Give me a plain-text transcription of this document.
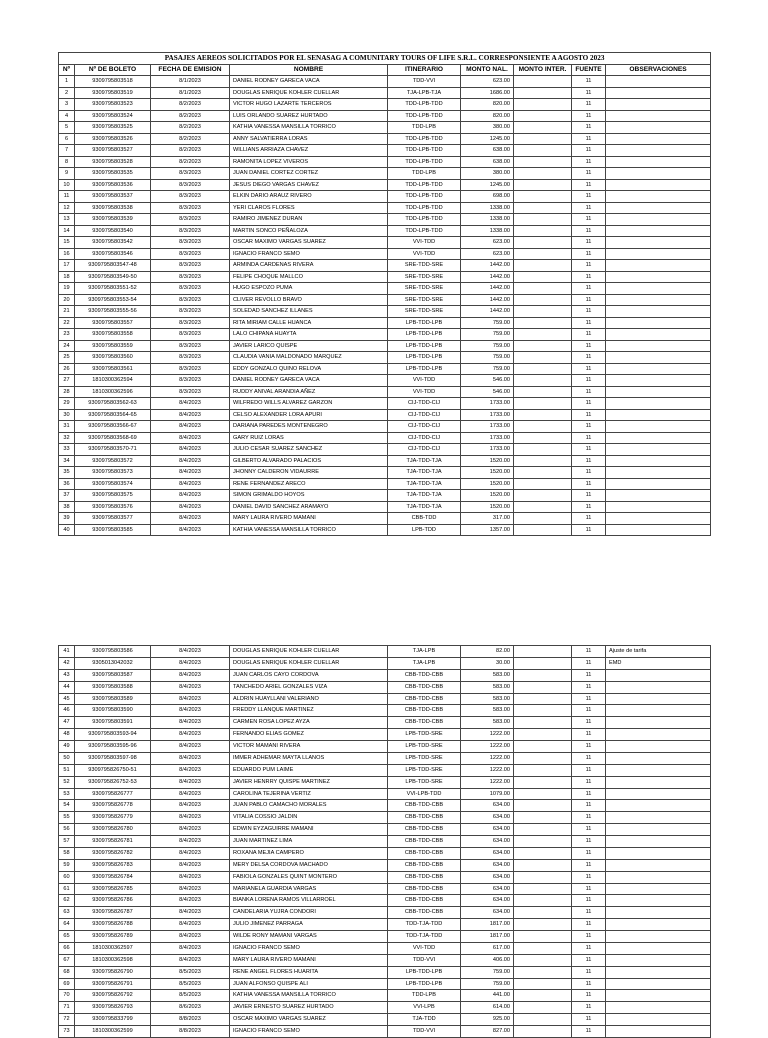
PASAJES AEREOS SOLICITADOS POR EL SENASAG A COMUNITARY TOURS OF LIFE S.R.L. CORRESPONSIENTE A AGOSTO 2023								
Nº	Nº DE BOLETO	FECHA DE EMISION	NOMBRE	ITINERARIO	MONTO NAL.	MONTO INTER.	FUENTE	OBSERVACIONES
1	9309795803518	8/1/2023	DANIEL RODNEY GARECA VACA	TDD-VVI	623.00		11	
2	9309795803519	8/1/2023	DOUGLAS ENRIQUE KOHLER CUELLAR	TJA-LPB-TJA	1686.00		11	
3	9309795803523	8/2/2023	VICTOR HUGO LAZARTE TERCEROS	TDD-LPB-TDD	820.00		11	
4	9309795803524	8/2/2023	LUIS ORLANDO SUAREZ HURTADO	TDD-LPB-TDD	820.00		11	
5	9309795803525	8/2/2023	KATHIA VANESSA MANSILLA TORRICO	TDD-LPB	380.00		11	
6	9309795803526	8/2/2023	ANNY SALVATIERRA LORAS	TDD-LPB-TDD	1245.00		11	
7	9309795803527	8/2/2023	WILLIANS ARRIAZA CHAVEZ	TDD-LPB-TDD	638.00		11	
8	9309795803528	8/2/2023	RAMONITA LOPEZ VIVEROS	TDD-LPB-TDD	638.00		11	
9	9309795803535	8/3/2023	JUAN DANIEL CORTEZ CORTEZ	TDD-LPB	380.00		11	
10	9309795803536	8/3/2023	JESUS DIEGO VARGAS CHAVEZ	TDD-LPB-TDD	1245.00		11	
11	9309795803537	8/3/2023	ELKIN DARIO ARAUZ RIVERO	TDD-LPB-TDD	698.00		11	
12	9309795803538	8/3/2023	YERI CLAROS FLORES	TDD-LPB-TDD	1338.00		11	
13	9309795803539	8/3/2023	RAMIRO JIMENEZ DURAN	TDD-LPB-TDD	1338.00		11	
14	9309795803540	8/3/2023	MARTIN SONCO PEÑALOZA	TDD-LPB-TDD	1338.00		11	
15	9309795803542	8/3/2023	OSCAR MAXIMO VARGAS SUAREZ	VVI-TDD	623.00		11	
16	9309795803546	8/3/2023	IGNACIO FRANCO SEMO	VVI-TDD	623.00		11	
17	9309795803547-48	8/3/2023	ARMINDA CARDENAS RIVERA	SRE-TDD-SRE	1442.00		11	
18	9309795803549-50	8/3/2023	FELIPE CHOQUE MALLCO	SRE-TDD-SRE	1442.00		11	
19	9309795803551-52	8/3/2023	HUGO ESPOZO PUMA	SRE-TDD-SRE	1442.00		11	
20	9309795803553-54	8/3/2023	CLIVER REVOLLO BRAVO	SRE-TDD-SRE	1442.00		11	
21	9309795803555-56	8/3/2023	SOLEDAD SANCHEZ ILLANES	SRE-TDD-SRE	1442.00		11	
22	9309795803557	8/3/2023	RITA MIRIAM CALLE HUANCA	LPB-TDD-LPB	759.00		11	
23	9309795803558	8/3/2023	LALO CHIPANA HUAYTA	LPB-TDD-LPB	759.00		11	
24	9309795803559	8/3/2023	JAVIER LARICO QUISPE	LPB-TDD-LPB	759.00		11	
25	9309795803560	8/3/2023	CLAUDIA VANIA MALDONADO MARQUEZ	LPB-TDD-LPB	759.00		11	
26	9309795803561	8/3/2023	EDDY GONZALO QUINO RELOVA	LPB-TDD-LPB	759.00		11	
27	1810300362594	8/3/2023	DANIEL RODNEY GARECA VACA	VVI-TDD	546.00		11	
28	1810300362596	8/3/2023	RUDDY ANIVAL ARANDIA AÑEZ	VVI-TDD	546.00		11	
29	9309795803562-63	8/4/2023	WILFREDO WILLS ALVAREZ GARZON	CIJ-TDD-CIJ	1733.00		11	
30	9309795803564-65	8/4/2023	CELSO ALEXANDER LORA APURI	CIJ-TDD-CIJ	1733.00		11	
31	9309795803566-67	8/4/2023	DARIANA PAREDES MONTENEGRO	CIJ-TDD-CIJ	1733.00		11	
32	9309795803568-69	8/4/2023	GARY RUIZ LORAS	CIJ-TDD-CIJ	1733.00		11	
33	9309795803570-71	8/4/2023	JULIO CESAR SUAREZ SANCHEZ	CIJ-TDD-CIJ	1733.00		11	
34	9309795803572	8/4/2023	GILBERTO ALVARADO PALACIOS	TJA-TDD-TJA	1520.00		11	
35	9309795803573	8/4/2023	JHONNY CALDERON VIDAURRE	TJA-TDD-TJA	1520.00		11	
36	9309795803574	8/4/2023	RENE FERNANDEZ ARECO	TJA-TDD-TJA	1520.00		11	
37	9309795803575	8/4/2023	SIMON GRIMALDO HOYOS	TJA-TDD-TJA	1520.00		11	
38	9309795803576	8/4/2023	DANIEL DAVID SANCHEZ ARAMAYO	TJA-TDD-TJA	1520.00		11	
39	9309795803577	8/4/2023	MARY LAURA RIVERO MAMANI	CBB-TDD	317.00		11	
40	9309795803585	8/4/2023	KATHIA VANESSA MANSILLA TORRICO	LPB-TDD	1357.00		11	
41	9309795803586	8/4/2023	DOUGLAS ENRIQUE KOHLER CUELLAR	TJA-LPB	82.00		11	Ajuste de tarifa
42	9305013042032	8/4/2023	DOUGLAS ENRIQUE KOHLER CUELLAR	TJA-LPB	30.00		11	EMD
43	9309795803587	8/4/2023	JUAN CARLOS CAYO CORDOVA	CBB-TDD-CBB	583.00		11	
44	9309795803588	8/4/2023	TANCHEDO ARIEL GONZALES VIZA	CBB-TDD-CBB	583.00		11	
45	9309795803589	8/4/2023	ALDRIN HUAYLLANI VALERIANO	CBB-TDD-CBB	583.00		11	
46	9309795803590	8/4/2023	FREDDY LLANQUE MARTINEZ	CBB-TDD-CBB	583.00		11	
47	9309795803591	8/4/2023	CARMEN ROSA LOPEZ AYZA	CBB-TDD-CBB	583.00		11	
48	9309795803593-94	8/4/2023	FERNANDO ELIAS GOMEZ	LPB-TDD-SRE	1222.00		11	
49	9309795803595-96	8/4/2023	VICTOR MAMANI RIVERA	LPB-TDD-SRE	1222.00		11	
50	9309795803597-98	8/4/2023	IMMER ADHEMAR MAYTA LLANOS	LPB-TDD-SRE	1222.00		11	
51	9309795826750-51	8/4/2023	EDUARDO PUM LAIME	LPB-TDD-SRE	1222.00		11	
52	9309795826752-53	8/4/2023	JAVIER HENRRY QUISPE MARTINEZ	LPB-TDD-SRE	1222.00		11	
53	9309795826777	8/4/2023	CAROLINA TEJERINA VERTIZ	VVI-LPB-TDD	1079.00		11	
54	9309795826778	8/4/2023	JUAN PABLO CAMACHO MORALES	CBB-TDD-CBB	634.00		11	
55	9309795826779	8/4/2023	VITALIA COSSIO JALDIN	CBB-TDD-CBB	634.00		11	
56	9309795826780	8/4/2023	EDWIN EYZAGUIRRE MAMANI	CBB-TDD-CBB	634.00		11	
57	9309795826781	8/4/2023	JUAN MARTINEZ LIMA	CBB-TDD-CBB	634.00		11	
58	9309795826782	8/4/2023	ROXANA MEJIA CAMPERO	CBB-TDD-CBB	634.00		11	
59	9309795826783	8/4/2023	MERY DELSA CORDOVA MACHADO	CBB-TDD-CBB	634.00		11	
60	9309795826784	8/4/2023	FABIOLA GONZALES QUINT MONTERO	CBB-TDD-CBB	634.00		11	
61	9309795826785	8/4/2023	MARIANELA GUARDIA VARGAS	CBB-TDD-CBB	634.00		11	
62	9309795826786	8/4/2023	BIANKA LORENA RAMOS VILLARROEL	CBB-TDD-CBB	634.00		11	
63	9309795826787	8/4/2023	CANDELARIA YUJRA CONDORI	CBB-TDD-CBB	634.00		11	
64	9309795826788	8/4/2023	JULIO JIMENEZ PARRAGA	TDD-TJA-TDD	1817.00		11	
65	9309795826789	8/4/2023	WILDE RONY MAMANI VARGAS	TDD-TJA-TDD	1817.00		11	
66	1810300362597	8/4/2023	IGNACIO FRANCO SEMO	VVI-TDD	617.00		11	
67	1810300362598	8/4/2023	MARY LAURA RIVERO MAMANI	TDD-VVI	406.00		11	
68	9309795826790	8/5/2023	RENE ANGEL FLORES HUARITA	LPB-TDD-LPB	759.00		11	
69	9309795826791	8/5/2023	JUAN ALFONSO QUISPE ALI	LPB-TDD-LPB	759.00		11	
70	9309795826792	8/5/2023	KATHIA VANESSA MANSILLA TORRICO	TDD-LPB	441.00		11	
71	9309795826793	8/6/2023	JAVIER ERNESTO SUAREZ HURTADO	VVI-LPB	614.00		11	
72	9309795833799	8/8/2023	OSCAR MAXIMO VARGAS SUAREZ	TJA-TDD	925.00		11	
73	1810300362599	8/8/2023	IGNACIO FRANCO SEMO	TDD-VVI	827.00		11	
